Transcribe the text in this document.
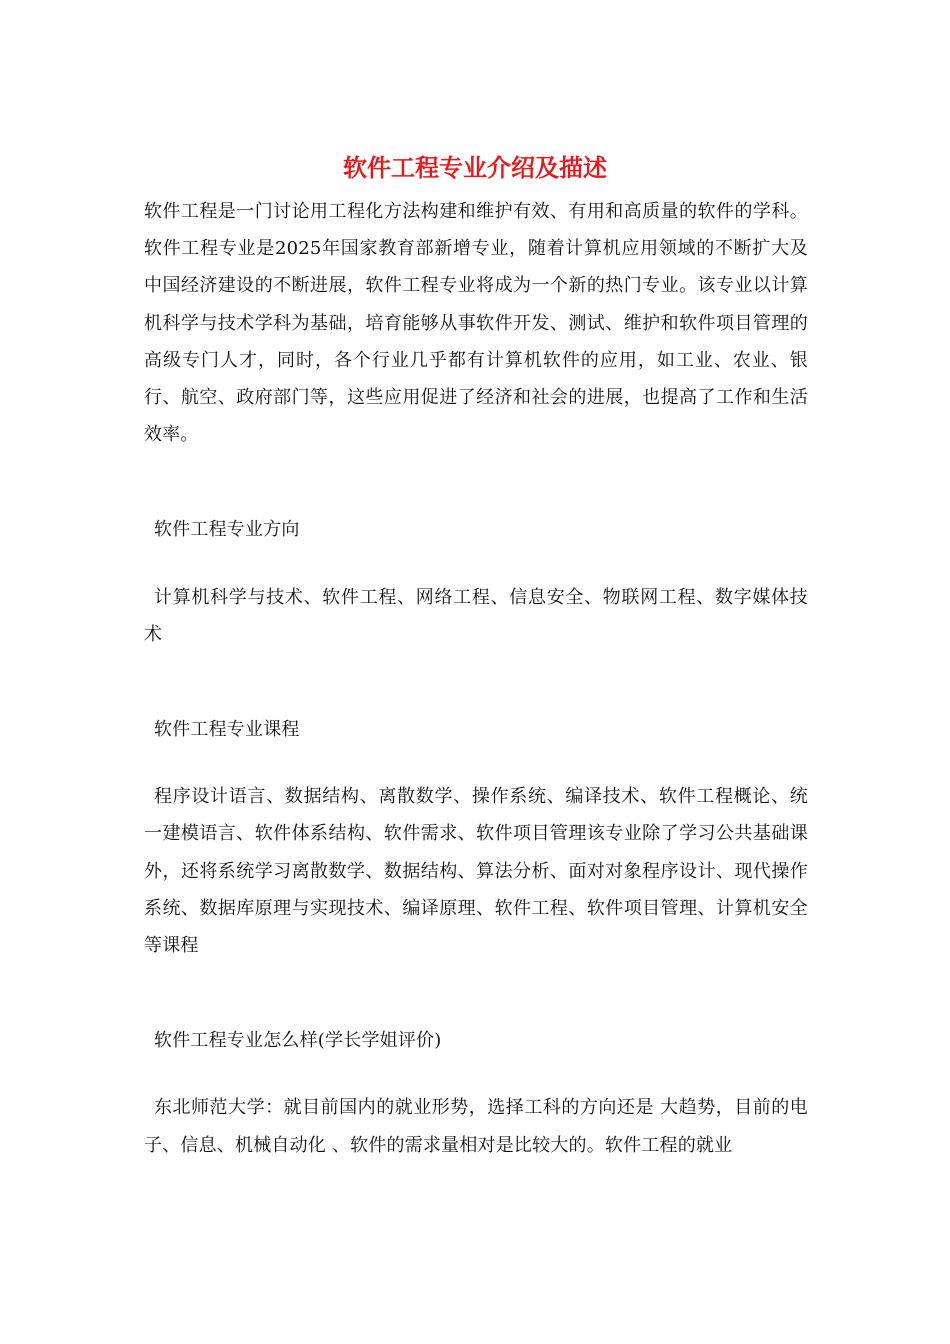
软件工程专业介绍及描述

软件工程是一门讨论用工程化方法构建和维护有效、有用和高质量的软件的学科。软件工程专业是2025年国家教育部新增专业，随着计算机应用领域的不断扩大及中国经济建设的不断进展，软件工程专业将成为一个新的热门专业。该专业以计算机科学与技术学科为基础，培育能够从事软件开发、测试、维护和软件项目管理的高级专门人才，同时，各个行业几乎都有计算机软件的应用，如工业、农业、银行、航空、政府部门等，这些应用促进了经济和社会的进展，也提高了工作和生活效率。

软件工程专业方向

计算机科学与技术、软件工程、网络工程、信息安全、物联网工程、数字媒体技术

软件工程专业课程

程序设计语言、数据结构、离散数学、操作系统、编译技术、软件工程概论、统一建模语言、软件体系结构、软件需求、软件项目管理该专业除了学习公共基础课外，还将系统学习离散数学、数据结构、算法分析、面对对象程序设计、现代操作系统、数据库原理与实现技术、编译原理、软件工程、软件项目管理、计算机安全等课程

软件工程专业怎么样(学长学姐评价)

东北师范大学：就目前国内的就业形势，选择工科的方向还是 大趋势，目前的电子、信息、机械自动化 、软件的需求量相对是比较大的。软件工程的就业
